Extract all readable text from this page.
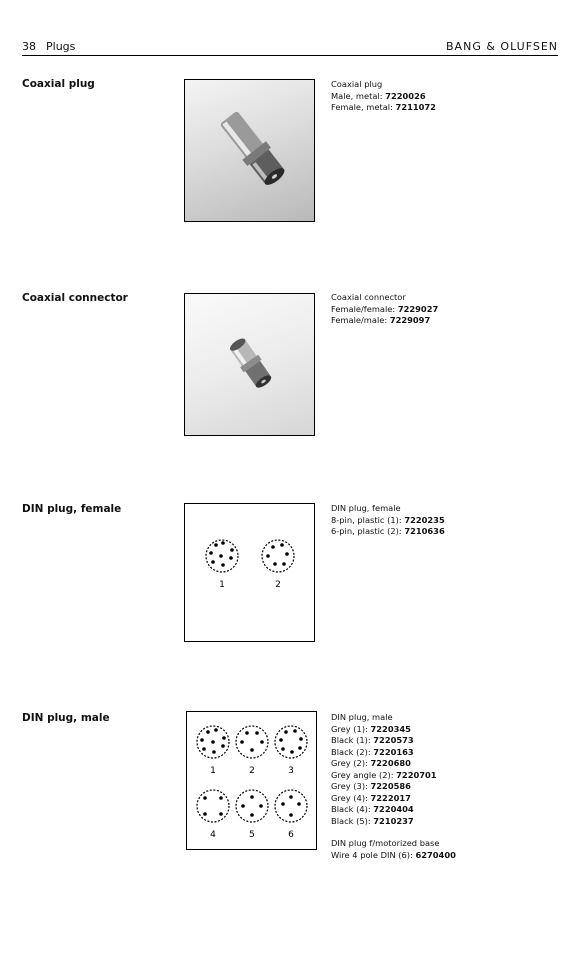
38 Plugs	BANG & OLUFSEN
Coaxial plug	Coaxial plug
Male, metal: 7220026
Female, metal: 7211072
Coaxial connector	Coaxial connector
Female/female: 7229027
Female/male: 7229097
DIN plug, female
1	2
DIN plug, female
8-pin, plastic (1): 7220235
6-pin, plastic (2): 7210636
DIN plug, male
1	2	3
4	5	6
DIN plug, male
Grey (1): 7220345
Black (1): 7220573
Black (2): 7220163
Grey (2): 7220680
Grey angle (2): 7220701
Grey (3): 7220586
Grey (4): 7222017
Black (4): 7220404
Black (5): 7210237
DIN plug f/motorized base
Wire 4 pole DIN (6): 6270400
